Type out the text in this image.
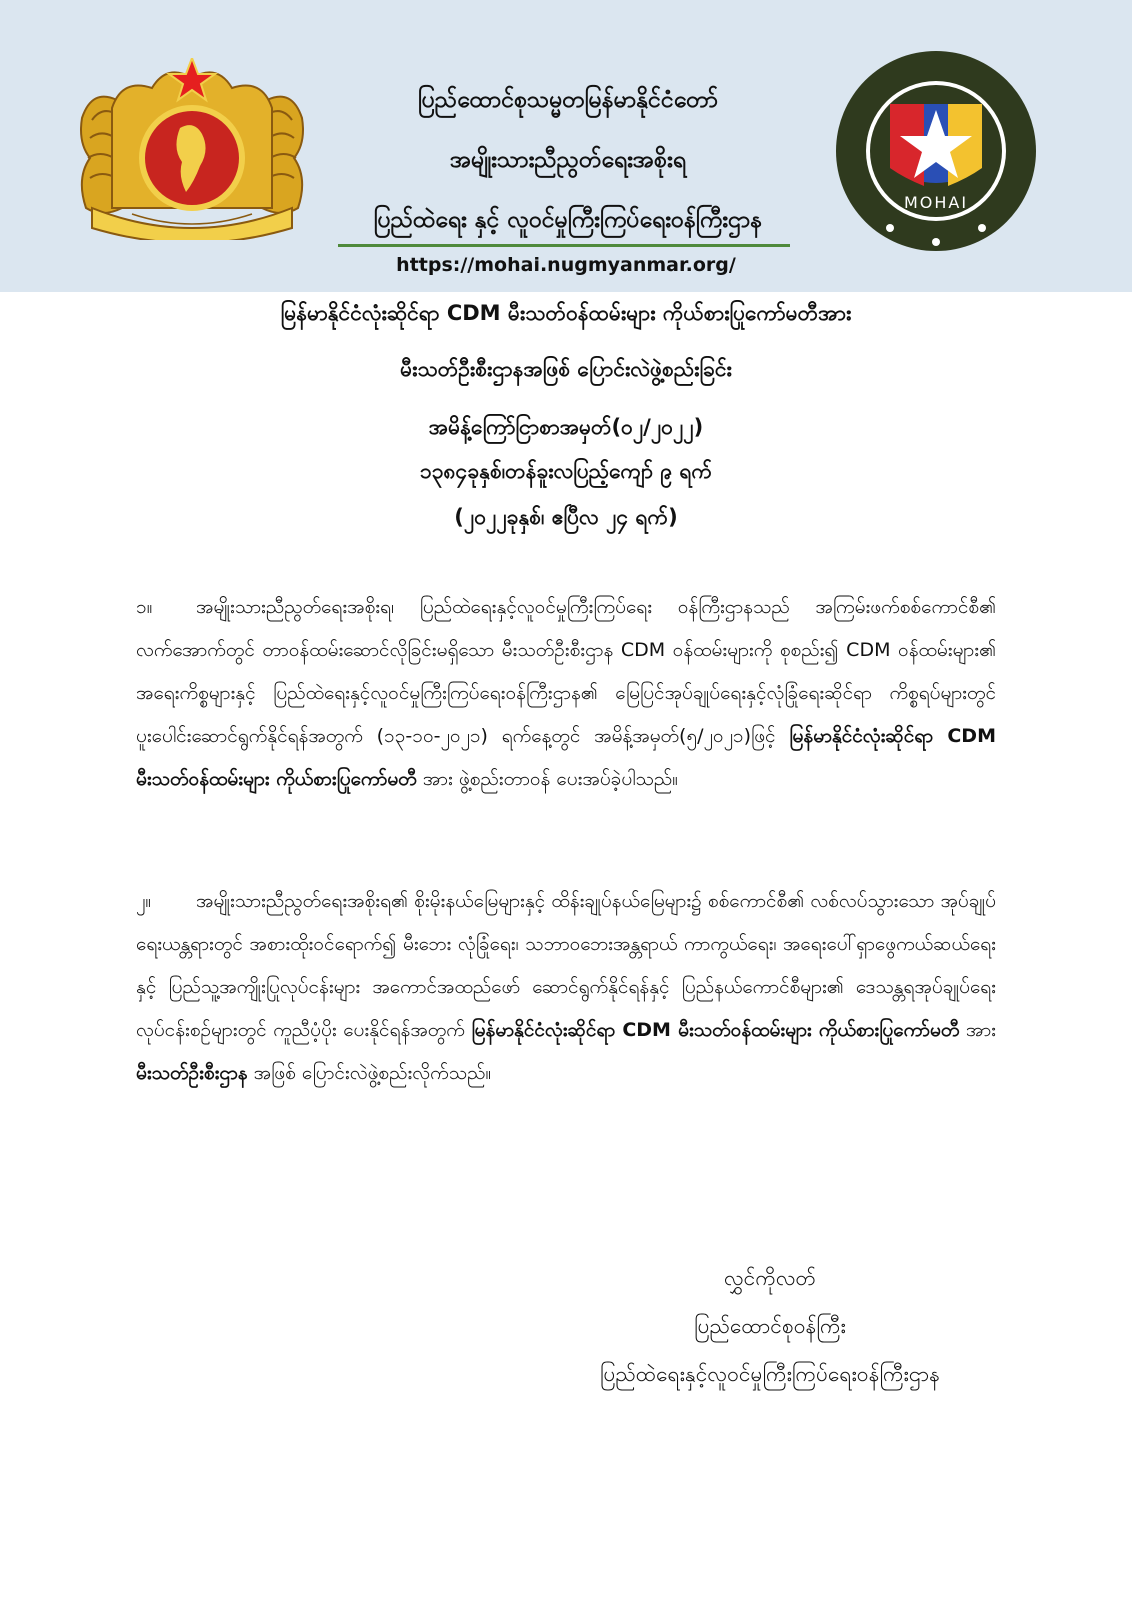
ပြည်ထောင်စုသမ္မတမြန်မာနိုင်ငံတော်
အမျိုးသားညီညွတ်ရေးအစိုးရ
ပြည်ထဲရေး နှင့် လူဝင်မှုကြီးကြပ်ရေးဝန်ကြီးဌာန
https://mohai.nugmyanmar.org/
MOHAI
မြန်မာနိုင်ငံလုံးဆိုင်ရာ CDM မီးသတ်ဝန်ထမ်းများ ကိုယ်စားပြုကော်မတီအား
မီးသတ်ဦးစီးဌာနအဖြစ် ပြောင်းလဲဖွဲ့စည်းခြင်း
အမိန့်ကြော်ငြာစာအမှတ်(၀၂/၂၀၂၂)
၁၃၈၄ခုနှစ်၊တန်ခူးလပြည့်ကျော် ၉ ရက်
(၂၀၂၂ခုနှစ်၊ ဧပြီလ ၂၄ ရက်)
၁။ အမျိုးသားညီညွတ်ရေးအစိုးရ၊ ပြည်ထဲရေးနှင့်လူဝင်မှုကြီးကြပ်ရေး ဝန်ကြီးဌာနသည် အကြမ်းဖက်စစ်ကောင်စီ၏ လက်အောက်တွင် တာဝန်ထမ်းဆောင်လိုခြင်းမရှိသော မီးသတ်ဦးစီးဌာန CDM ဝန်ထမ်းများကို စုစည်း၍ CDM ဝန်ထမ်းများ၏ အရေးကိစ္စများနှင့် ပြည်ထဲရေးနှင့်လူဝင်မှုကြီးကြပ်ရေးဝန်ကြီးဌာန၏ မြေပြင်အုပ်ချုပ်ရေးနှင့်လုံခြုံရေးဆိုင်ရာ ကိစ္စရပ်များတွင် ပူးပေါင်းဆောင်ရွက်နိုင်ရန်အတွက် (၁၃-၁၀-၂၀၂၁) ရက်နေ့တွင် အမိန့်အမှတ်(၅/၂၀၂၁)ဖြင့် မြန်မာနိုင်ငံလုံးဆိုင်ရာ CDM မီးသတ်ဝန်ထမ်းများ ကိုယ်စားပြုကော်မတီ အား ဖွဲ့စည်းတာဝန် ပေးအပ်ခဲ့ပါသည်။
၂။ အမျိုးသားညီညွတ်ရေးအစိုးရ၏ စိုးမိုးနယ်မြေများနှင့် ထိန်းချုပ်နယ်မြေများ၌ စစ်ကောင်စီ၏ လစ်လပ်သွားသော အုပ်ချုပ်ရေးယန္တရားတွင် အစားထိုးဝင်ရောက်၍ မီးဘေး လုံခြုံရေး၊ သဘာဝဘေးအန္တရာယ် ကာကွယ်ရေး၊ အရေးပေါ်ရှာဖွေကယ်ဆယ်ရေးနှင့် ပြည်သူ့အကျိုးပြုလုပ်ငန်းများ အကောင်အထည်ဖော် ဆောင်ရွက်နိုင်ရန်နှင့် ပြည်နယ်ကောင်စီများ၏ ဒေသန္တရအုပ်ချုပ်ရေး လုပ်ငန်းစဉ်များတွင် ကူညီပံ့ပိုး ပေးနိုင်ရန်အတွက် မြန်မာနိုင်ငံလုံးဆိုင်ရာ CDM မီးသတ်ဝန်ထမ်းများ ကိုယ်စားပြုကော်မတီ အား မီးသတ်ဦးစီးဌာန အဖြစ် ပြောင်းလဲဖွဲ့စည်းလိုက်သည်။
လွှင်ကိုလတ်
ပြည်ထောင်စုဝန်ကြီး
ပြည်ထဲရေးနှင့်လူဝင်မှုကြီးကြပ်ရေးဝန်ကြီးဌာန
